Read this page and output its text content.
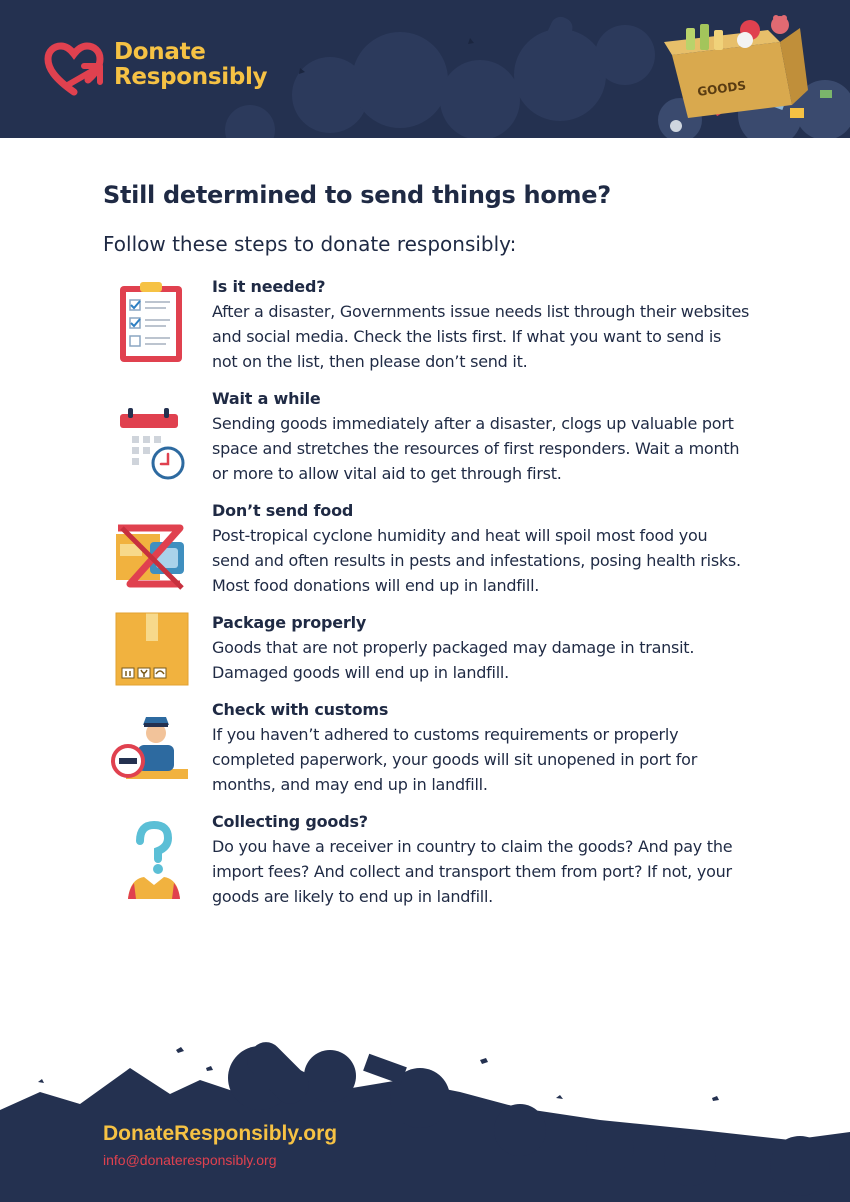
Donate
Responsibly	GOODS
Still determined to send things home?
Follow these steps to donate responsibly:
Is it needed?

After a disaster, Governments issue needs list through their websites

and social media. Check the lists first. If what you want to send is

not on the list, then please don’t send it.

Wait a while

Sending goods immediately after a disaster, clogs up valuable port

space and stretches the resources of first responders. Wait a month

or more to allow vital aid to get through first.

Don’t send food

Post-tropical cyclone humidity and heat will spoil most food you

send and often results in pests and infestations, posing health risks.

Most food donations will end up in landfill.

Package properly

Goods that are not properly packaged may damage in transit.

Damaged goods will end up in landfill.

Check with customs

If you haven’t adhered to customs requirements or properly

completed paperwork, your goods will sit unopened in port for

months, and may end up in landfill.

Collecting goods?

Do you have a receiver in country to claim the goods? And pay the

import fees? And collect and transport them from port? If not, your

goods are likely to end up in landfill.

DonateResponsibly.org
info@donateresponsibly.org
